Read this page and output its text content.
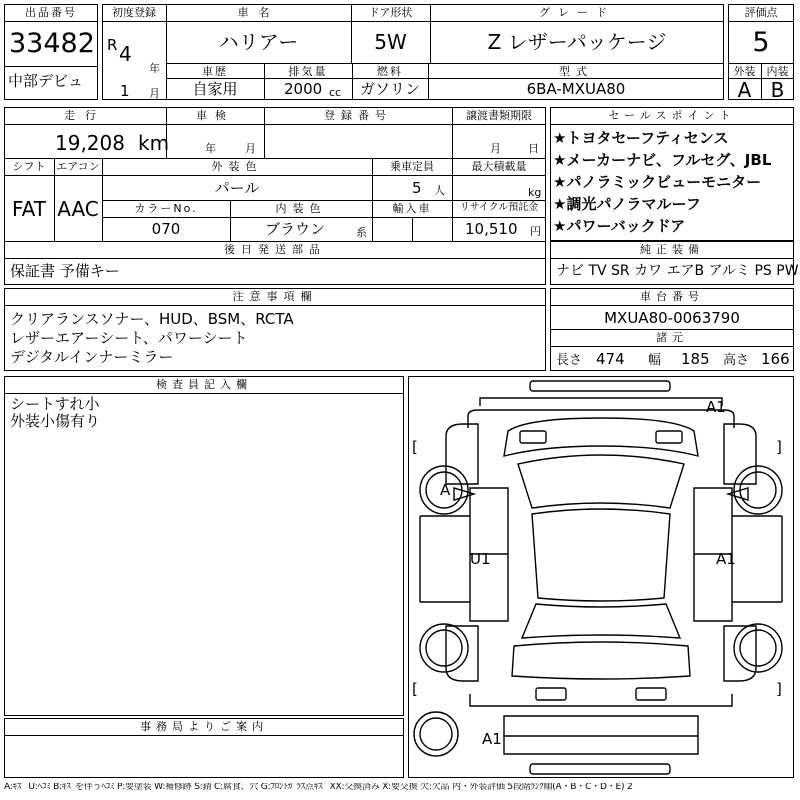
出品番号
33482
中部デビュ
初度登録
R 4
年
1 月
車名
ハリアー
ドア形状
5W
グレード
Z レザーパッケージ
車歴
自家用
排気量
2000 cc
燃料
ガソリン
型式
6BA-MXUA80
評価点
5
外装	内装
A B
走行
19,208 km
車検
年	月
登録番号	譲渡書類期限
月 日
シフト
FAT
エアコン
AAC
外装色
パール
乗車定員
5 人
最大積載量
kg
カラーNo.
070
内装色
ブラウン	系
輸入車	リサイクル預託金
10,510 円
後日発送部品
保証書 予備キー
セールスポイント
★トヨタセーフティセンス
★メーカーナビ、フルセグ、JBL
★パノラミックビューモニター
★調光パノラマルーフ
★パワーバックドア
純正装備
ナビ TV SR カワ エアB アルミ PS PW
注意事項欄
クリアランスソナー、HUD、BSM、RCTA
レザーエアーシート、パワーシート
デジタルインナーミラー
車台番号
MXUA80-0063790
諸元
長さ 474 幅 185 高さ 166
検査員記入欄
シートすれ小
外装小傷有り
事務局よりご案内
A1
[	]
A
U1	A1
[	]
A1
A:ｷｽﾞ U:ﾍｺﾐ B:ｷｽﾞを伴うﾍｺﾐ P:要塗装 W:補修跡 S:錆 C:腐食、穴 G:ﾌﾛﾝﾄｶﾞﾗｽ点ｷｽﾞ XX:交換済み X:要交換 欠:欠品 内・外装評価 5段階ﾗﾝｸ順(A・B・C・D・E) 2
